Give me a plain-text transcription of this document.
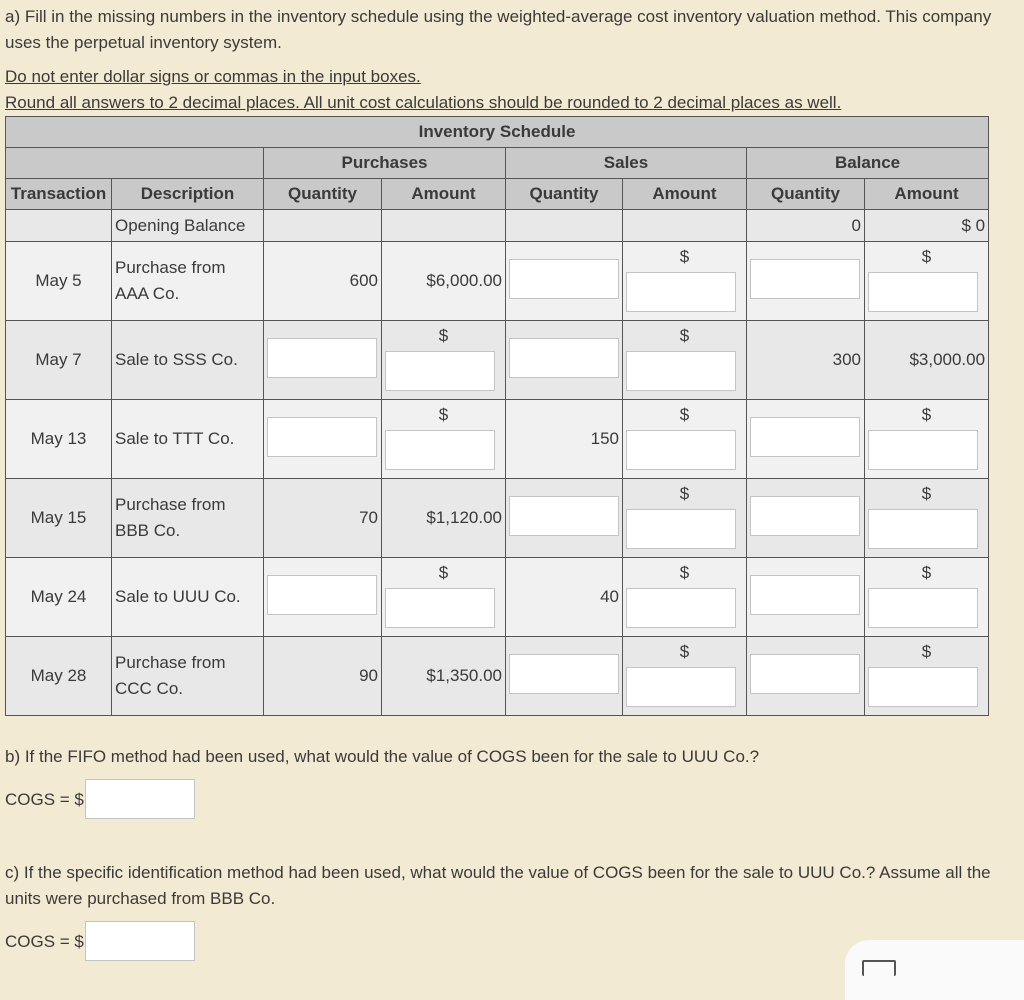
a) Fill in the missing numbers in the inventory schedule using the weighted-average cost inventory valuation method. This company uses the perpetual inventory system.

Do not enter dollar signs or commas in the input boxes.

Round all answers to 2 decimal places. All unit cost calculations should be rounded to 2 decimal places as well.

Inventory Schedule							
		Purchases		Sales		Balance	
Transaction	Description	Quantity	Amount	Quantity	Amount	Quantity	Amount
	Opening Balance					0	$ 0
May 5	Purchase from AAA Co.	600	$6,000.00		$		$

May 7	Sale to SSS Co.		$		$	300	$3,000.00
May 13	Sale to TTT Co.		$	150	$		$

May 15	Purchase from BBB Co.	70	$1,120.00		$		$

May 24	Sale to UUU Co.		$	40	$		$

May 28	Purchase from CCC Co.	90	$1,350.00		$		$

b) If the FIFO method had been used, what would the value of COGS been for the sale to UUU Co.?

COGS = $

c) If the specific identification method had been used, what would the value of COGS been for the sale to UUU Co.? Assume all the units were purchased from BBB Co.

COGS = $
